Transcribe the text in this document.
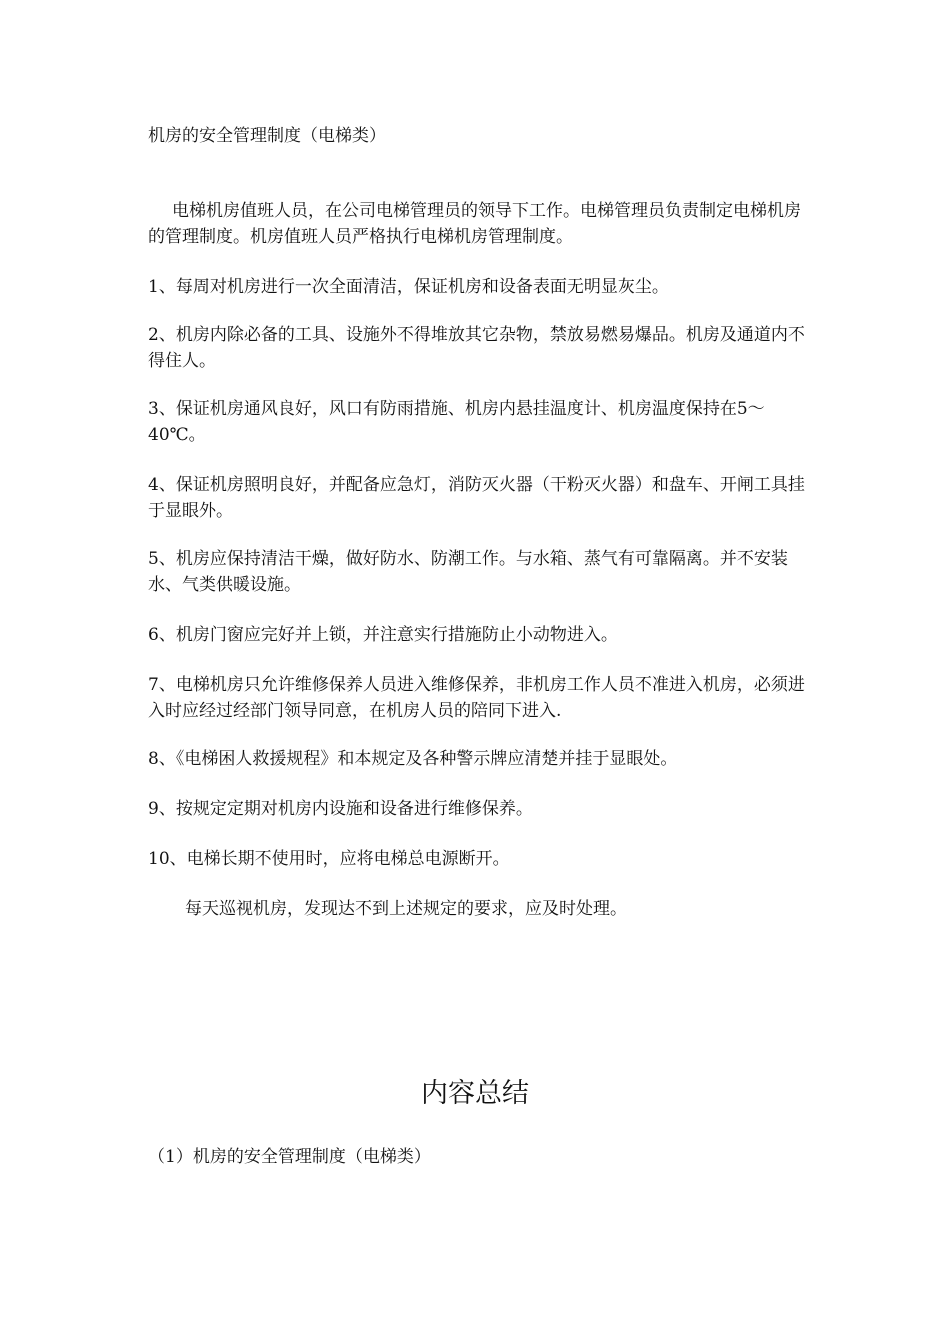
机房的安全管理制度（电梯类）
电梯机房值班人员，在公司电梯管理员的领导下工作。电梯管理员负责制定电梯机房的管理制度。机房值班人员严格执行电梯机房管理制度。
1、每周对机房进行一次全面清洁，保证机房和设备表面无明显灰尘。
2、机房内除必备的工具、设施外不得堆放其它杂物，禁放易燃易爆品。机房及通道内不得住人。
3、保证机房通风良好，风口有防雨措施、机房内悬挂温度计、机房温度保持在5～40℃。
4、保证机房照明良好，并配备应急灯，消防灭火器（干粉灭火器）和盘车、开闸工具挂于显眼外。
5、机房应保持清洁干燥，做好防水、防潮工作。与水箱、蒸气有可靠隔离。并不安装水、气类供暖设施。
6、机房门窗应完好并上锁，并注意实行措施防止小动物进入。
7、电梯机房只允许维修保养人员进入维修保养，非机房工作人员不准进入机房，必须进入时应经过经部门领导同意，在机房人员的陪同下进入.
8、《电梯困人救援规程》和本规定及各种警示牌应清楚并挂于显眼处。
9、按规定定期对机房内设施和设备进行维修保养。
10、电梯长期不使用时，应将电梯总电源断开。
每天巡视机房，发现达不到上述规定的要求，应及时处理。
内容总结
（1）机房的安全管理制度（电梯类）
